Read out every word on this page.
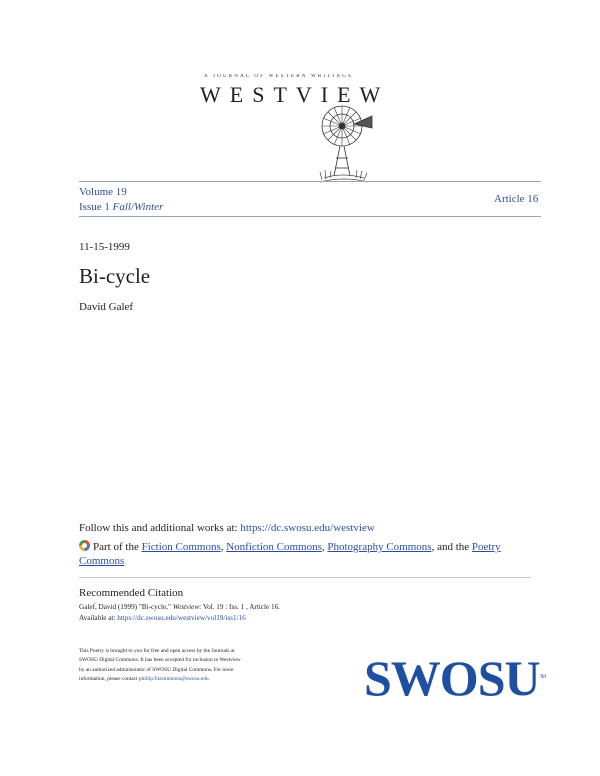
A JOURNAL OF WESTERN WRITINGS
WESTVIEW
Volume 19
Issue 1 Fall/Winter
Article 16
11-15-1999
Bi-cycle
David Galef
Follow this and additional works at: https://dc.swosu.edu/westview
Part of the Fiction Commons, Nonfiction Commons, Photography Commons, and the Poetry Commons
Recommended Citation
Galef, David (1999) "Bi-cycle," Westview: Vol. 19 : Iss. 1 , Article 16.
Available at: https://dc.swosu.edu/westview/vol19/iss1/16
This Poetry is brought to you for free and open access by the Journals at
SWOSU Digital Commons. It has been accepted for inclusion in Westview
by an authorized administrator of SWOSU Digital Commons. For more
information, please contact phillip.fitzsimmons@swosu.edu.	SWOSUTM
